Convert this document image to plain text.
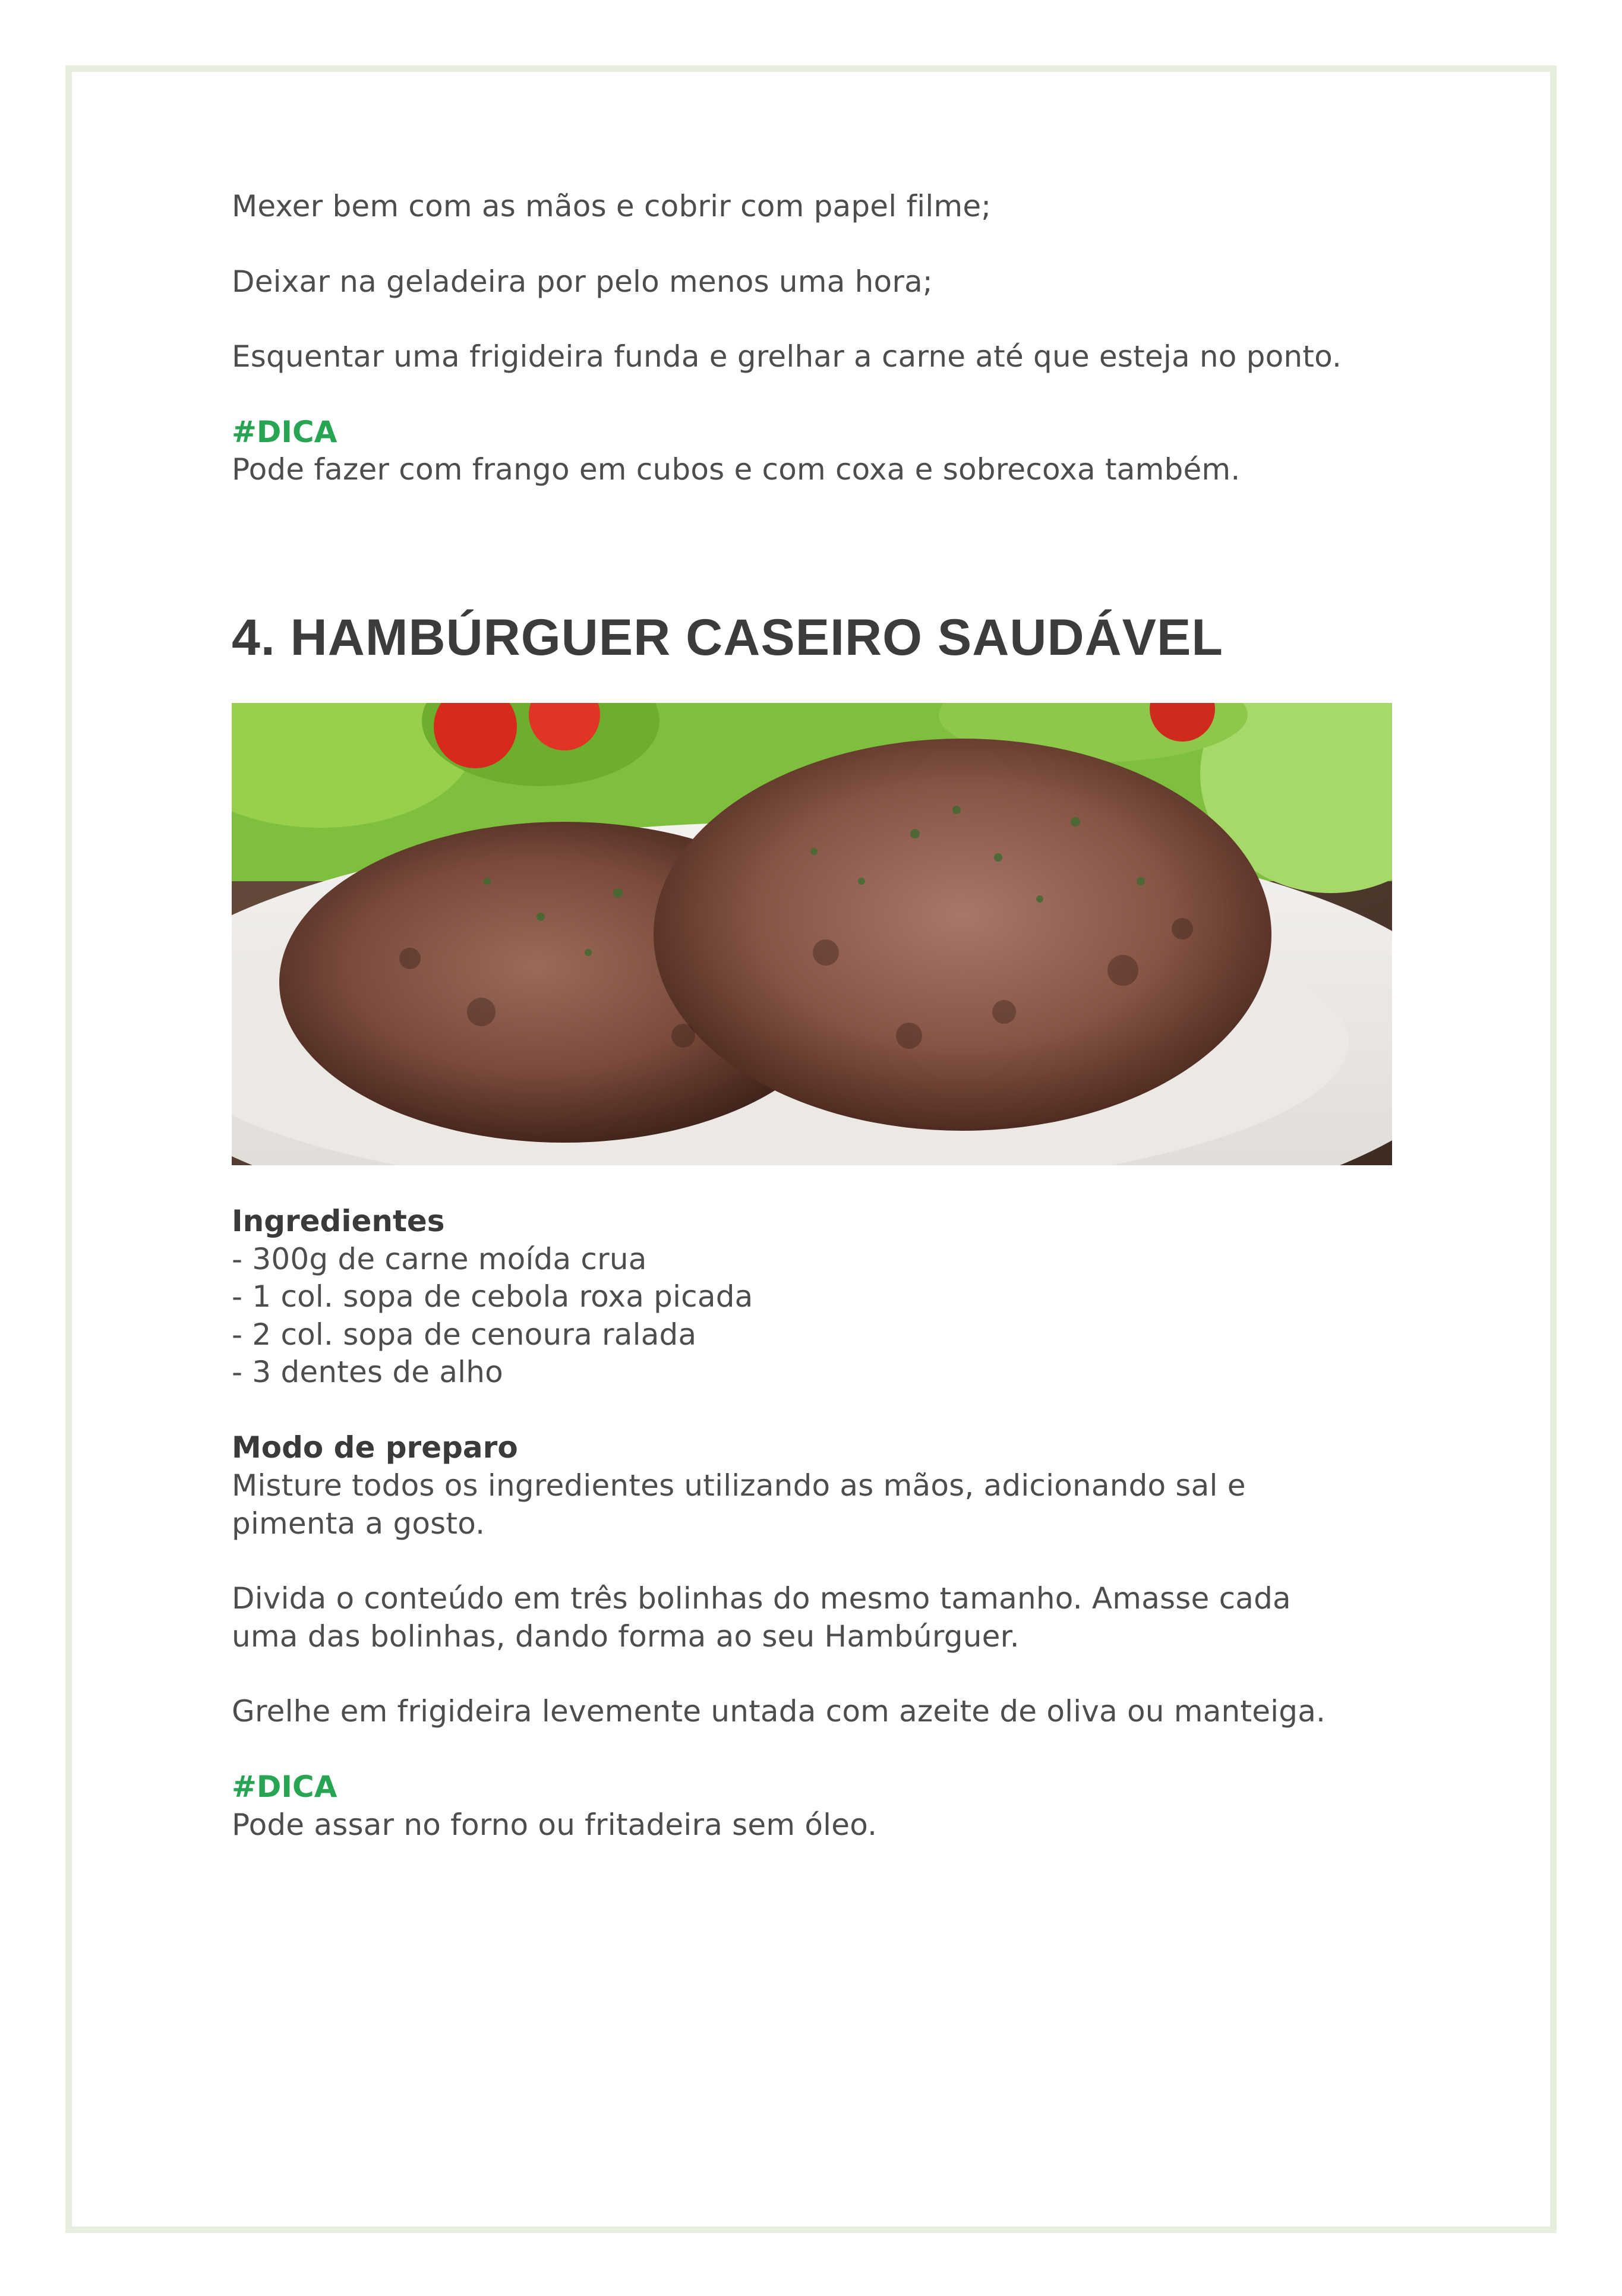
Mexer bem com as mãos e cobrir com papel filme;
Deixar na geladeira por pelo menos uma hora;
Esquentar uma frigideira funda e grelhar a carne até que esteja no ponto.
#DICA
Pode fazer com frango em cubos e com coxa e sobrecoxa também.
4. HAMBÚRGUER CASEIRO SAUDÁVEL
Ingredientes
- 300g de carne moída crua
- 1 col. sopa de cebola roxa picada
- 2 col. sopa de cenoura ralada
- 3 dentes de alho
Modo de preparo
Misture todos os ingredientes utilizando as mãos, adicionando sal e pimenta a gosto.
Divida o conteúdo em três bolinhas do mesmo tamanho. Amasse cada uma das bolinhas, dando forma ao seu Hambúrguer.
Grelhe em frigideira levemente untada com azeite de oliva ou manteiga.
#DICA
Pode assar no forno ou fritadeira sem óleo.
